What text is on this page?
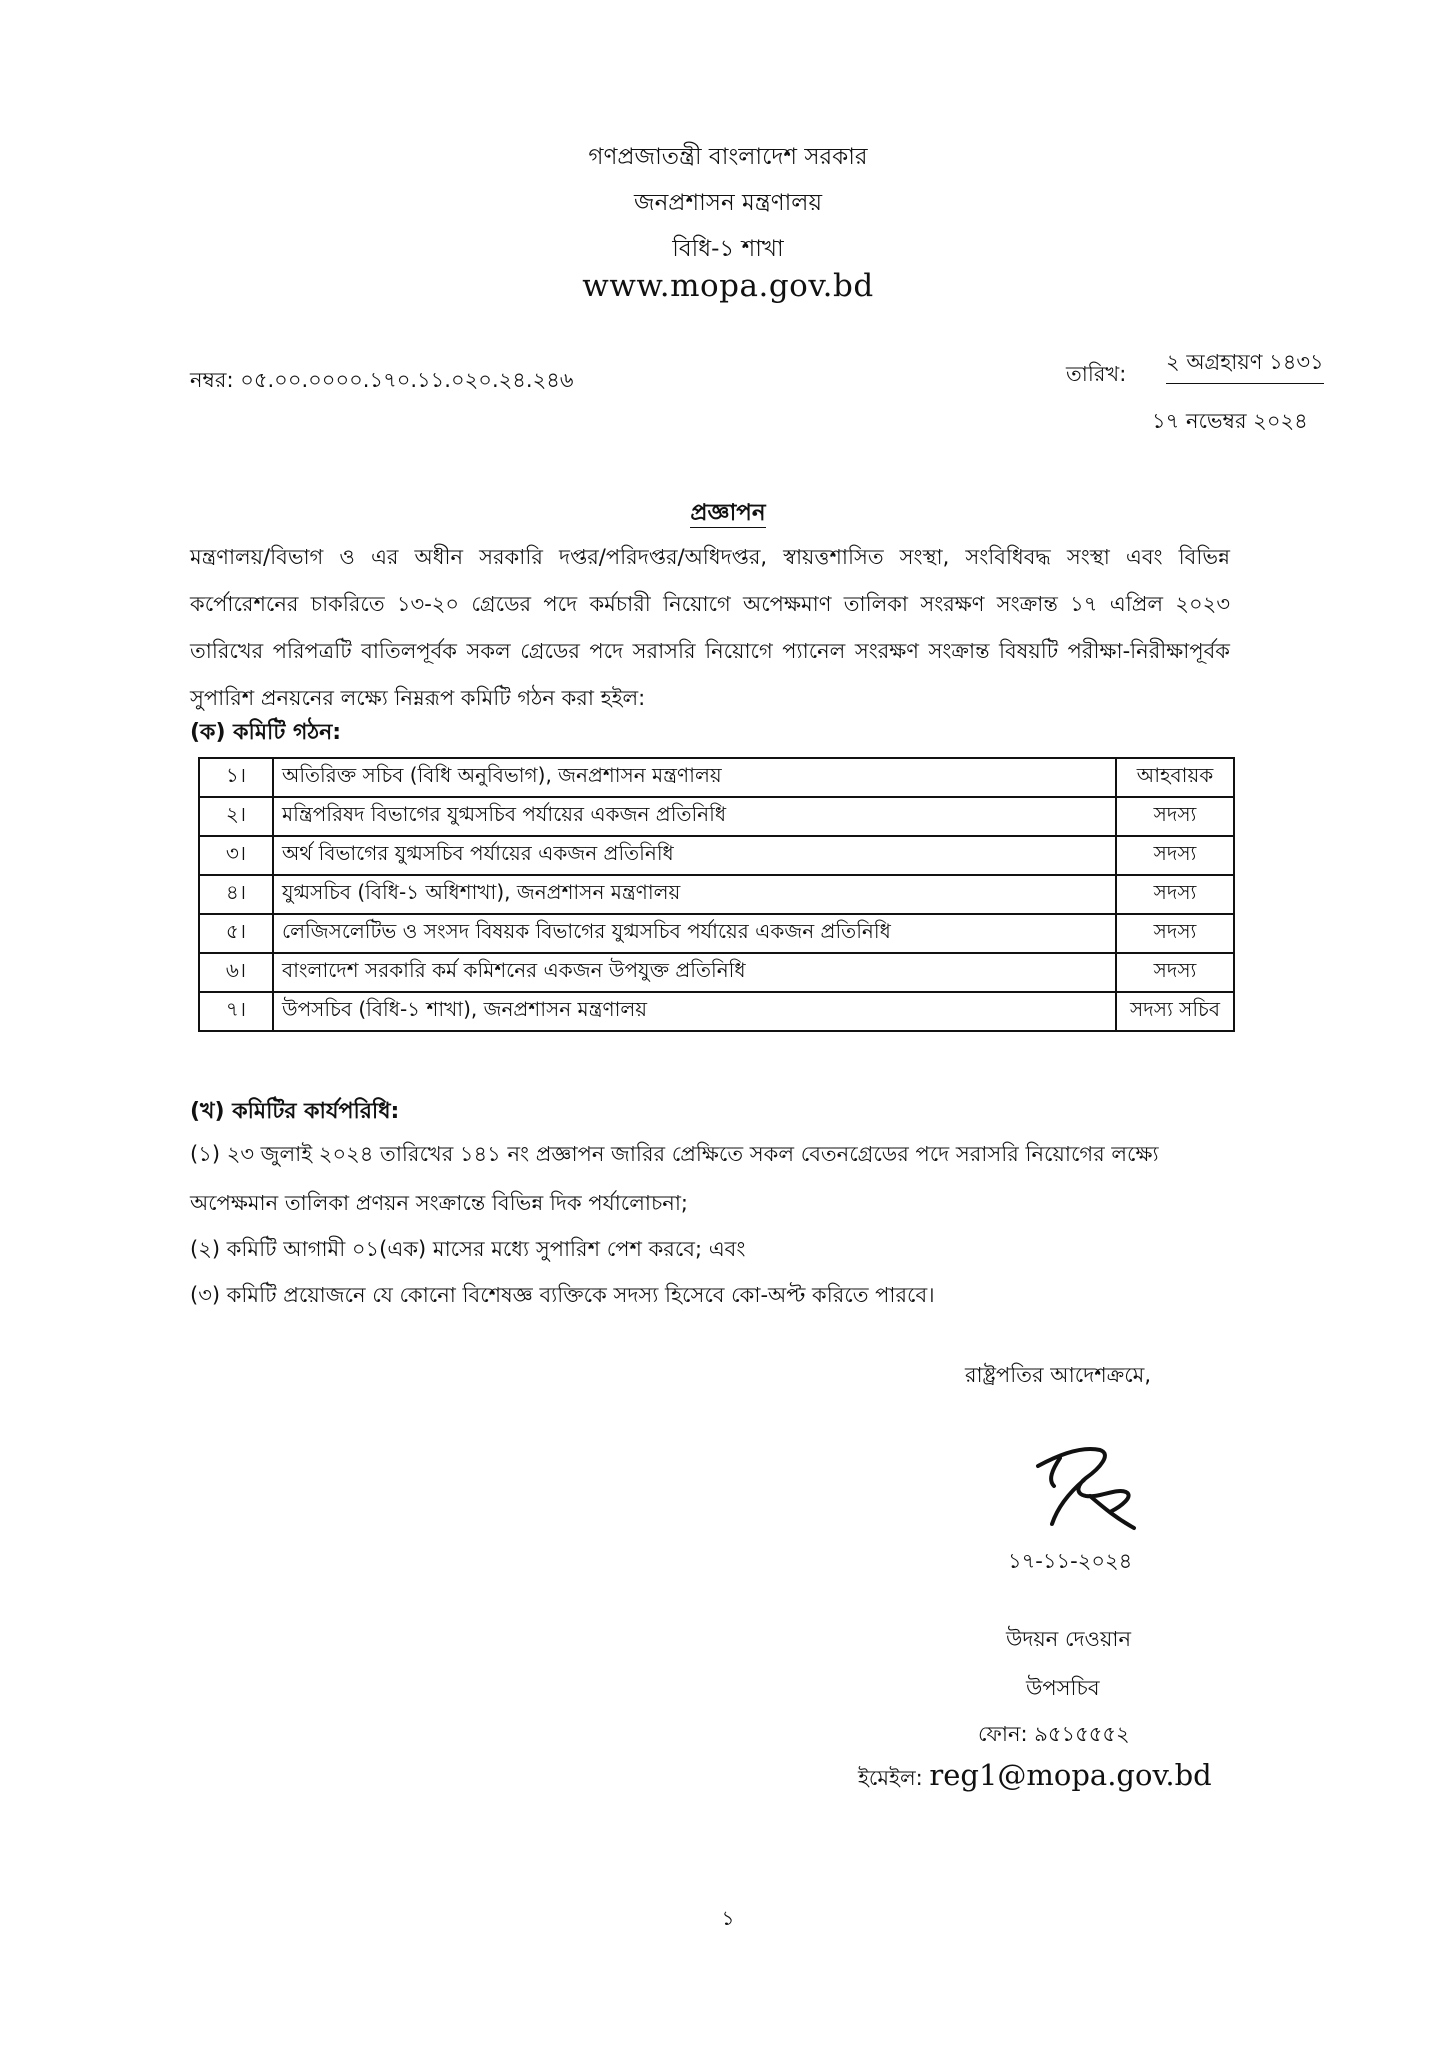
গণপ্রজাতন্ত্রী বাংলাদেশ সরকার
জনপ্রশাসন মন্ত্রণালয়
বিধি-১ শাখা
www.mopa.gov.bd
নম্বর: ০৫.০০.০০০০.১৭০.১১.০২০.২৪.২৪৬	তারিখ: ২ অগ্রহায়ণ ১৪৩১
১৭ নভেম্বর ২০২৪
প্রজ্ঞাপন
মন্ত্রণালয়/বিভাগ ও এর অধীন সরকারি দপ্তর/পরিদপ্তর/অধিদপ্তর, স্বায়ত্তশাসিত সংস্থা, সংবিধিবদ্ধ সংস্থা এবং বিভিন্ন কর্পোরেশনের চাকরিতে ১৩-২০ গ্রেডের পদে কর্মচারী নিয়োগে অপেক্ষমাণ তালিকা সংরক্ষণ সংক্রান্ত ১৭ এপ্রিল ২০২৩ তারিখের পরিপত্রটি বাতিলপূর্বক সকল গ্রেডের পদে সরাসরি নিয়োগে প্যানেল সংরক্ষণ সংক্রান্ত বিষয়টি পরীক্ষা-নিরীক্ষাপূর্বক সুপারিশ প্রনয়নের লক্ষ্যে নিম্নরূপ কমিটি গঠন করা হইল:
(ক) কমিটি গঠন:
১।	অতিরিক্ত সচিব (বিধি অনুবিভাগ), জনপ্রশাসন মন্ত্রণালয়	আহবায়ক
২।	মন্ত্রিপরিষদ বিভাগের যুগ্মসচিব পর্যায়ের একজন প্রতিনিধি	সদস্য
৩।	অর্থ বিভাগের যুগ্মসচিব পর্যায়ের একজন প্রতিনিধি	সদস্য
৪।	যুগ্মসচিব (বিধি-১ অধিশাখা), জনপ্রশাসন মন্ত্রণালয়	সদস্য
৫।	লেজিসলেটিভ ও সংসদ বিষয়ক বিভাগের যুগ্মসচিব পর্যায়ের একজন প্রতিনিধি	সদস্য
৬।	বাংলাদেশ সরকারি কর্ম কমিশনের একজন উপযুক্ত প্রতিনিধি	সদস্য
৭।	উপসচিব (বিধি-১ শাখা), জনপ্রশাসন মন্ত্রণালয়	সদস্য সচিব
(খ) কমিটির কার্যপরিধি:
(১) ২৩ জুলাই ২০২৪ তারিখের ১৪১ নং প্রজ্ঞাপন জারির প্রেক্ষিতে সকল বেতনগ্রেডের পদে সরাসরি নিয়োগের লক্ষ্যে
অপেক্ষমান তালিকা প্রণয়ন সংক্রান্তে বিভিন্ন দিক পর্যালোচনা;
(২) কমিটি আগামী ০১(এক) মাসের মধ্যে সুপারিশ পেশ করবে; এবং
(৩) কমিটি প্রয়োজনে যে কোনো বিশেষজ্ঞ ব্যক্তিকে সদস্য হিসেবে কো-অপ্ট করিতে পারবে।
রাষ্ট্রপতির আদেশক্রমে,
১৭-১১-২০২৪
উদয়ন দেওয়ান
উপসচিব
ফোন: ৯৫১৫৫৫২
ইমেইল: reg1@mopa.gov.bd
১
